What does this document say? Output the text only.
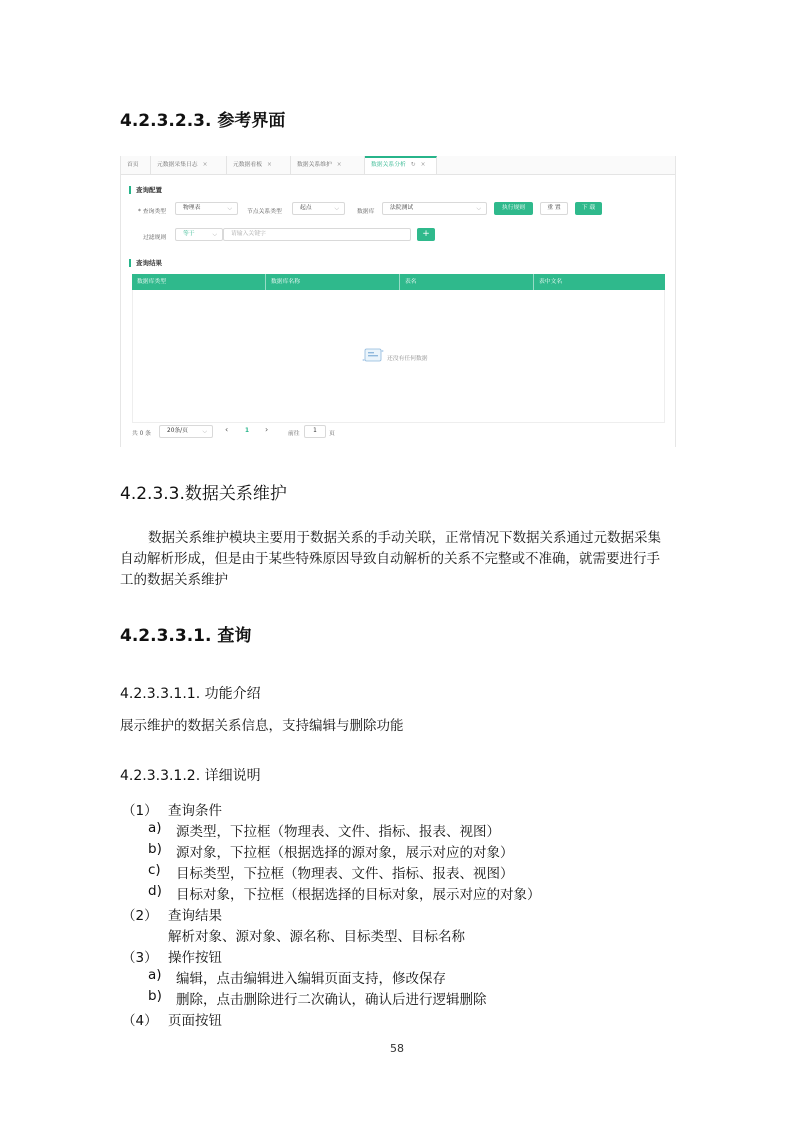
4.2.3.2.3. 参考界面
首页	元数据采集日志 ×	元数据看板 ×	数据关系维护 ×	数据关系分析 ↻ ×
查询配置
* 查询类型
物理表	⌵	节点关系类型
起点	⌵	数据库
法院测试	⌵	执行规则	重 置	下 载
过滤规则
等于	⌵	请输入关键字	+
查询结果
数据库类型	数据库名称	表名	表中文名
还没有任何数据
共 0 条	20条/页 ⌵ ‹	1 ›	前往	1	页
4.2.3.3.数据关系维护
数据关系维护模块主要用于数据关系的手动关联，正常情况下数据关系通过元数据采集
自动解析形成，但是由于某些特殊原因导致自动解析的关系不完整或不准确，就需要进行手
工的数据关系维护
4.2.3.3.1. 查询
4.2.3.3.1.1. 功能介绍
展示维护的数据关系信息，支持编辑与删除功能
4.2.3.3.1.2. 详细说明
（1） 查询条件
a) 源类型，下拉框（物理表、文件、指标、报表、视图）
b) 源对象，下拉框（根据选择的源对象，展示对应的对象）
c) 目标类型，下拉框（物理表、文件、指标、报表、视图）
d) 目标对象，下拉框（根据选择的目标对象，展示对应的对象）
（2） 查询结果
解析对象、源对象、源名称、目标类型、目标名称
（3） 操作按钮
a) 编辑，点击编辑进入编辑页面支持，修改保存
b) 删除，点击删除进行二次确认，确认后进行逻辑删除
（4） 页面按钮
58
